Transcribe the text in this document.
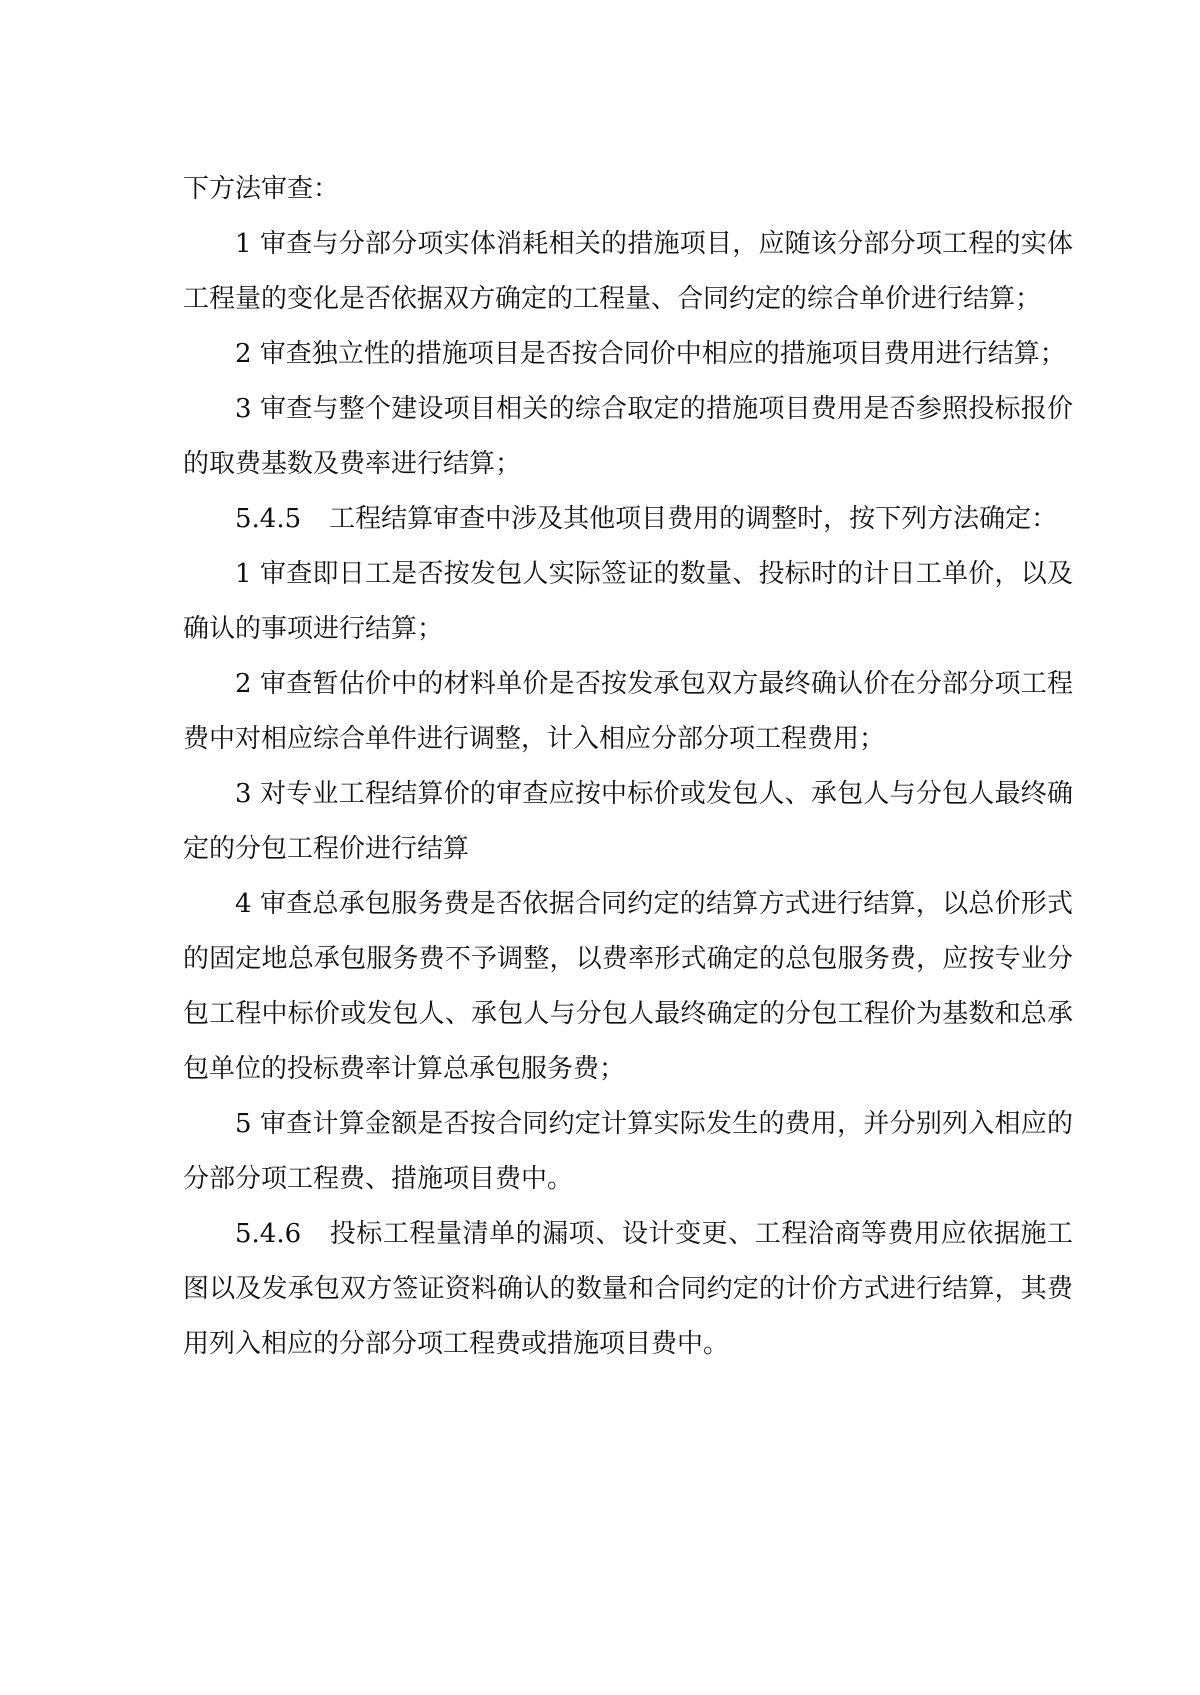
下方法审查：

1 审查与分部分项实体消耗相关的措施项目，应随该分部分项工程的实体工程量的变化是否依据双方确定的工程量、合同约定的综合单价进行结算；

2 审查独立性的措施项目是否按合同价中相应的措施项目费用进行结算；

3 审查与整个建设项目相关的综合取定的措施项目费用是否参照投标报价的取费基数及费率进行结算；

5.4.5 工程结算审查中涉及其他项目费用的调整时，按下列方法确定：

1 审查即日工是否按发包人实际签证的数量、投标时的计日工单价，以及确认的事项进行结算；

2 审查暂估价中的材料单价是否按发承包双方最终确认价在分部分项工程费中对相应综合单件进行调整，计入相应分部分项工程费用；

3 对专业工程结算价的审查应按中标价或发包人、承包人与分包人最终确定的分包工程价进行结算

4 审查总承包服务费是否依据合同约定的结算方式进行结算，以总价形式的固定地总承包服务费不予调整，以费率形式确定的总包服务费，应按专业分包工程中标价或发包人、承包人与分包人最终确定的分包工程价为基数和总承包单位的投标费率计算总承包服务费；

5 审查计算金额是否按合同约定计算实际发生的费用，并分别列入相应的分部分项工程费、措施项目费中。

5.4.6 投标工程量清单的漏项、设计变更、工程洽商等费用应依据施工图以及发承包双方签证资料确认的数量和合同约定的计价方式进行结算，其费用列入相应的分部分项工程费或措施项目费中。
